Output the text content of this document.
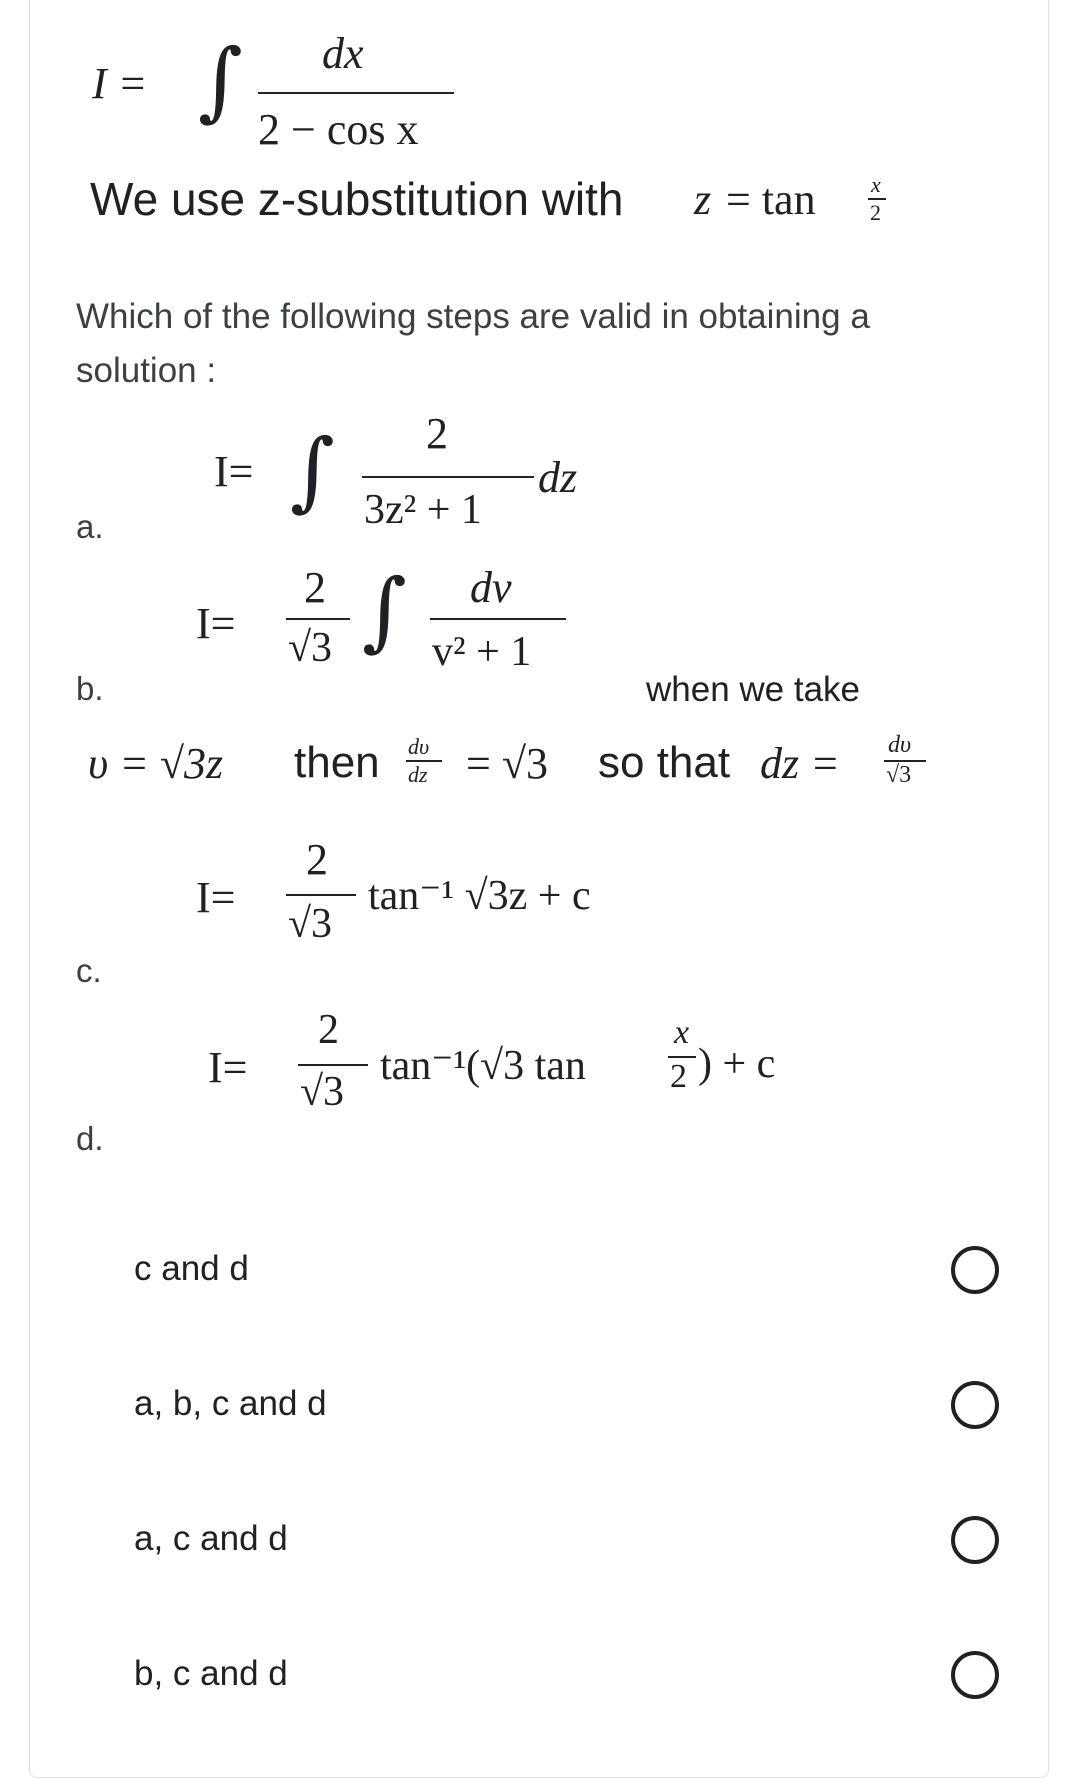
I = ∫ dx
2 − cos x
We use z-substitution with z = tan	x
2
Which of the following steps are valid in obtaining a solution :
I= ∫ 2
3z² + 1
dz
a.
I=
2
√3 ∫ dv
v² + 1
b.	when we take
υ = √3z then dυ
dz = √3 so that dz = dυ
√3
I=
2
√3
tan⁻¹ √3z + c
c.
I=
2
√3
tan⁻¹(√3 tan
x
2 ) + c
d.
c and d
a, b, c and d
a, c and d
b, c and d
